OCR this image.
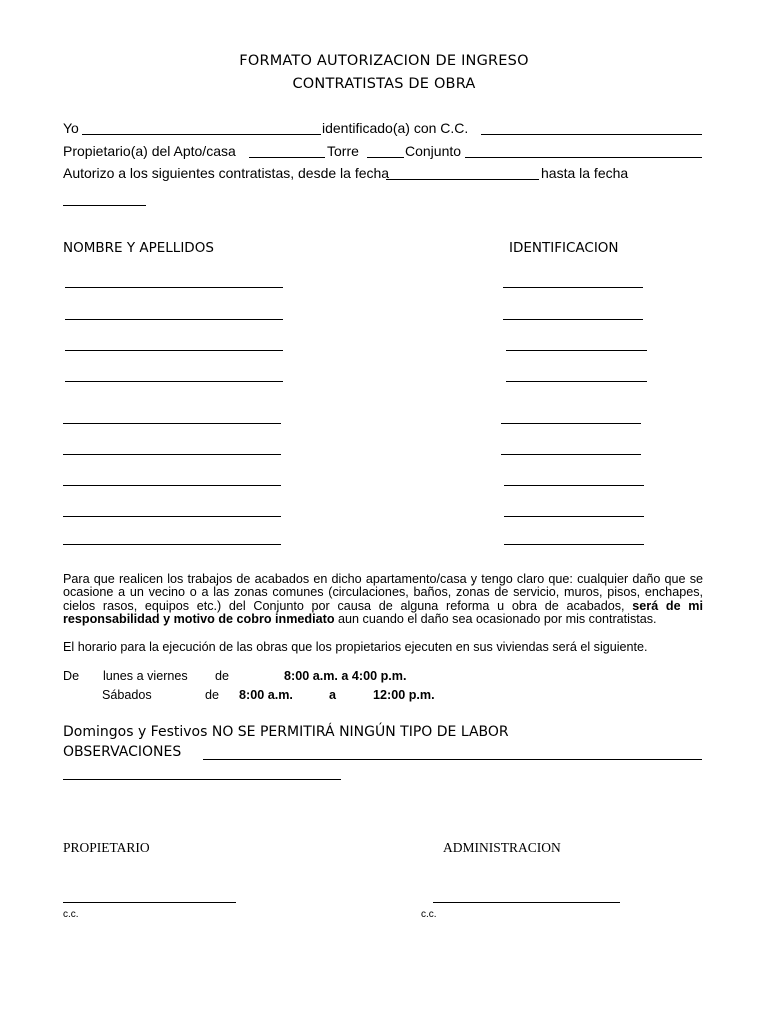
FORMATO AUTORIZACION DE INGRESO
CONTRATISTAS DE OBRA
Yo	identificado(a) con C.C.
Propietario(a) del Apto/casa	Torre	Conjunto
Autorizo a los siguientes contratistas, desde la fecha	hasta la fecha
NOMBRE Y APELLIDOS	IDENTIFICACION
Para que realicen los trabajos de acabados en dicho apartamento/casa y tengo claro que: cualquier daño que se ocasione a un vecino o a las zonas comunes (circulaciones, baños, zonas de servicio, muros, pisos, enchapes, cielos rasos, equipos etc.) del Conjunto por causa de alguna reforma u obra de acabados, será de mi responsabilidad y motivo de cobro inmediato aun cuando el daño sea ocasionado por mis contratistas.
El horario para la ejecución de las obras que los propietarios ejecuten en sus viviendas será el siguiente.
De lunes a viernes de	8:00 a.m. a 4:00 p.m.
Sábados	de 8:00 a.m.	a	12:00 p.m.
Domingos y Festivos NO SE PERMITIRÁ NINGÚN TIPO DE LABOR
OBSERVACIONES
PROPIETARIO	ADMINISTRACION
c.c.	c.c.
